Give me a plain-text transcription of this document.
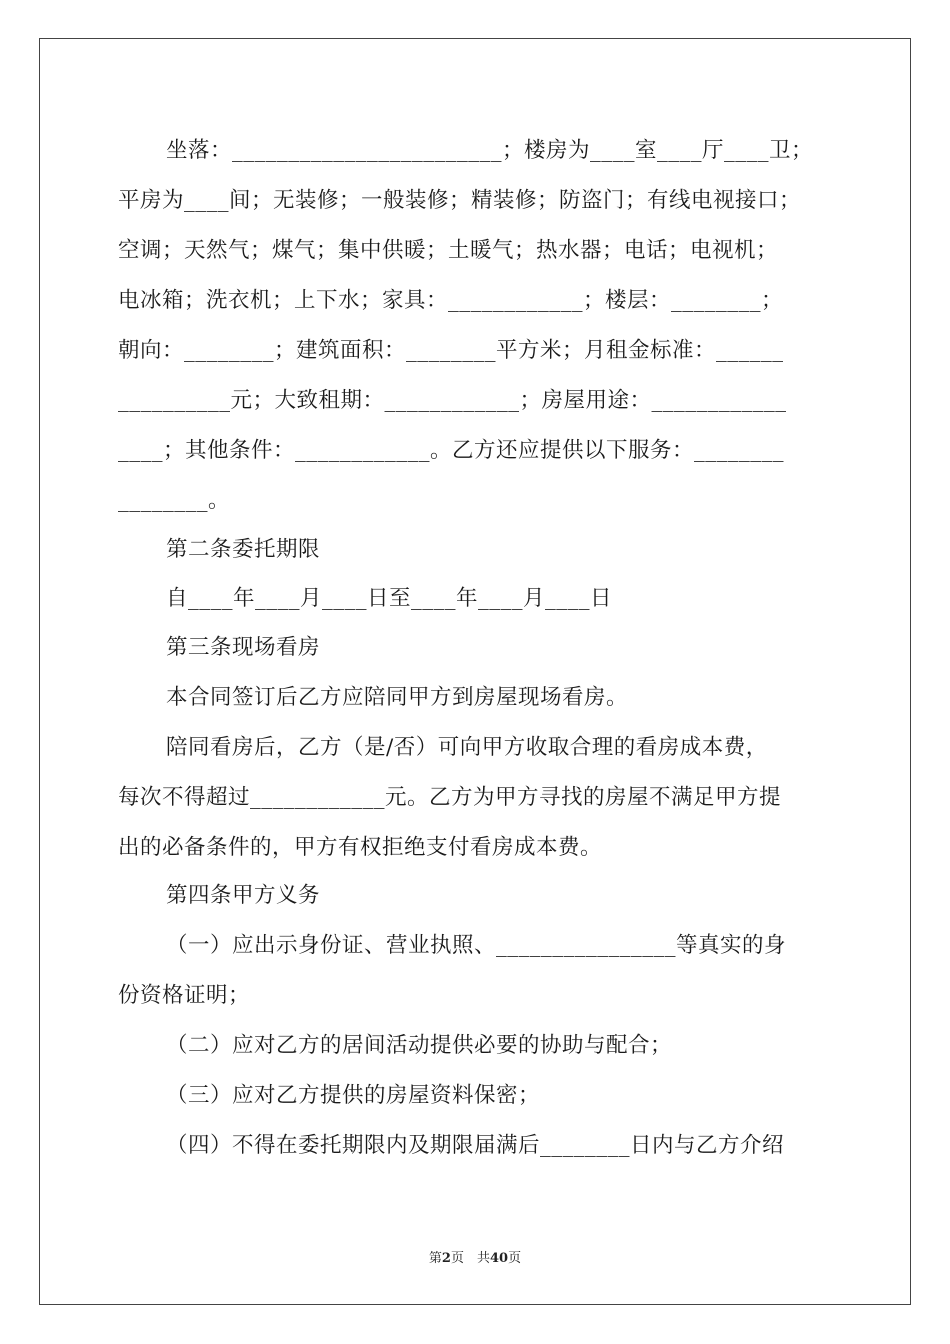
坐落：________________________；楼房为____室____厅____卫；
平房为____间；无装修；一般装修；精装修；防盗门；有线电视接口；
空调；天然气；煤气；集中供暖；土暖气；热水器；电话；电视机；
电冰箱；洗衣机；上下水；家具：____________；楼层：________；
朝向：________；建筑面积：________平方米；月租金标准：______
__________元；大致租期：____________；房屋用途：____________
____；其他条件：____________。乙方还应提供以下服务：________
________。
第二条委托期限
自____年____月____日至____年____月____日
第三条现场看房
本合同签订后乙方应陪同甲方到房屋现场看房。
陪同看房后，乙方（是/否）可向甲方收取合理的看房成本费，
每次不得超过____________元。乙方为甲方寻找的房屋不满足甲方提
出的必备条件的，甲方有权拒绝支付看房成本费。
第四条甲方义务
（一）应出示身份证、营业执照、________________等真实的身
份资格证明；
（二）应对乙方的居间活动提供必要的协助与配合；
（三）应对乙方提供的房屋资料保密；
（四）不得在委托期限内及期限届满后________日内与乙方介绍
第2页　共40页
